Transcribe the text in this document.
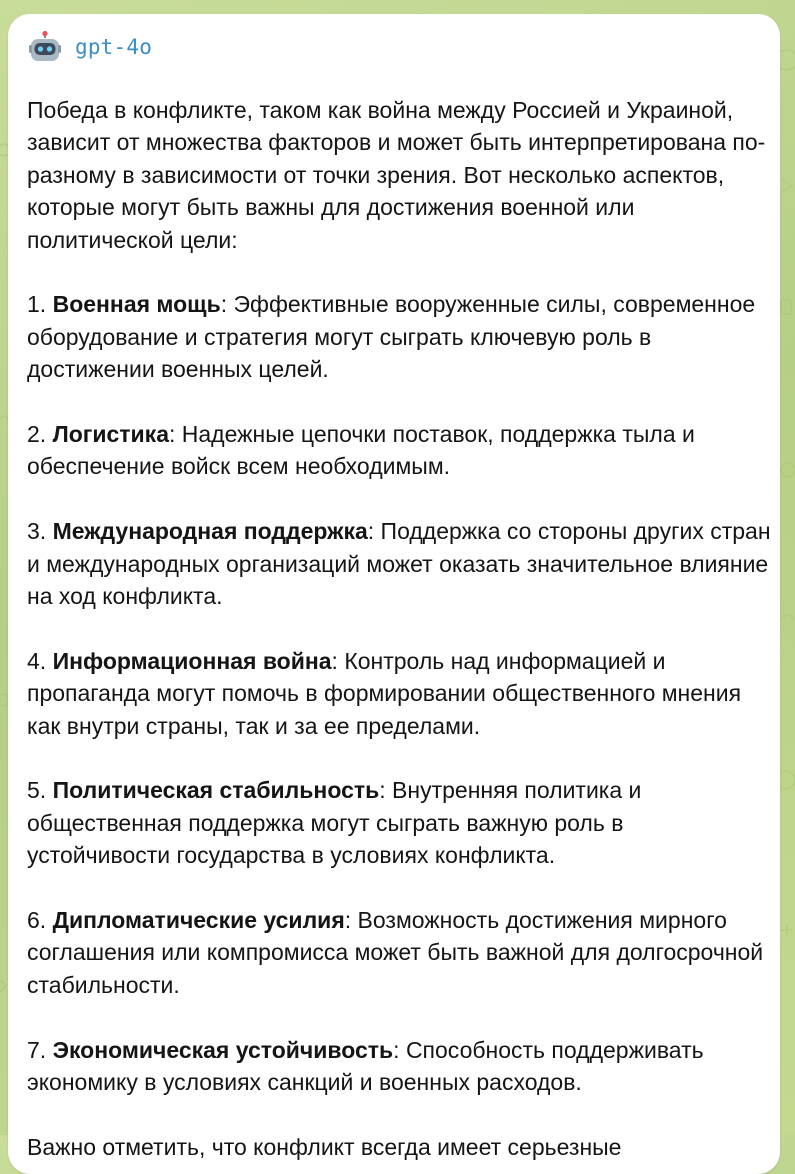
gpt-4o

Победа в конфликте, таком как война между Россией и Украиной, зависит от множества факторов и может быть интерпретирована по-разному в зависимости от точки зрения. Вот несколько аспектов, которые могут быть важны для достижения военной или политической цели:

1. Военная мощь: Эффективные вооруженные силы, современное оборудование и стратегия могут сыграть ключевую роль в достижении военных целей.

2. Логистика: Надежные цепочки поставок, поддержка тыла и обеспечение войск всем необходимым.

3. Международная поддержка: Поддержка со стороны других стран и международных организаций может оказать значительное влияние на ход конфликта.

4. Информационная война: Контроль над информацией и пропаганда могут помочь в формировании общественного мнения как внутри страны, так и за ее пределами.

5. Политическая стабильность: Внутренняя политика и общественная поддержка могут сыграть важную роль в устойчивости государства в условиях конфликта.

6. Дипломатические усилия: Возможность достижения мирного соглашения или компромисса может быть важной для долгосрочной стабильности.

7. Экономическая устойчивость: Способность поддерживать экономику в условиях санкций и военных расходов.

Важно отметить, что конфликт всегда имеет серьезные
